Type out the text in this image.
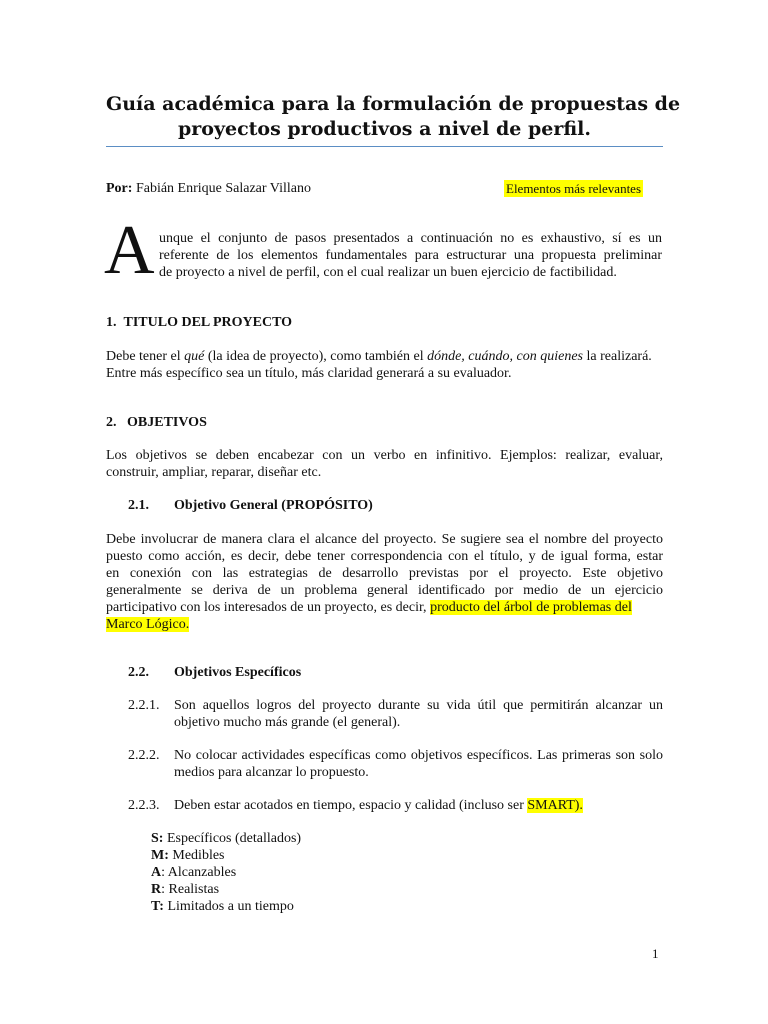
Guía académica para la formulación de propuestas de
proyectos productivos a nivel de perfil.
Por: Fabián Enrique Salazar Villano	Elementos más relevantes
A unque el conjunto de pasos presentados a continuación no es exhaustivo, sí es un
referente de los elementos fundamentales para estructurar una propuesta preliminar
de proyecto a nivel de perfil, con el cual realizar un buen ejercicio de factibilidad.
1. TITULO DEL PROYECTO
Debe tener el qué (la idea de proyecto), como también el dónde, cuándo, con quienes la realizará.
Entre más específico sea un título, más claridad generará a su evaluador.
2. OBJETIVOS
Los objetivos se deben encabezar con un verbo en infinitivo. Ejemplos: realizar, evaluar,
construir, ampliar, reparar, diseñar etc.
2.1. Objetivo General (PROPÓSITO)
Debe involucrar de manera clara el alcance del proyecto. Se sugiere sea el nombre del proyecto
puesto como acción, es decir, debe tener correspondencia con el título, y de igual forma, estar
en conexión con las estrategias de desarrollo previstas por el proyecto. Este objetivo
generalmente se deriva de un problema general identificado por medio de un ejercicio
participativo con los interesados de un proyecto, es decir, producto del árbol de problemas del
Marco Lógico.
2.2. Objetivos Específicos
2.2.1. Son aquellos logros del proyecto durante su vida útil que permitirán alcanzar un
objetivo mucho más grande (el general).
2.2.2. No colocar actividades específicas como objetivos específicos. Las primeras son solo
medios para alcanzar lo propuesto.
2.2.3. Deben estar acotados en tiempo, espacio y calidad (incluso ser SMART).
S: Específicos (detallados)
M: Medibles
A: Alcanzables
R: Realistas
T: Limitados a un tiempo
1
